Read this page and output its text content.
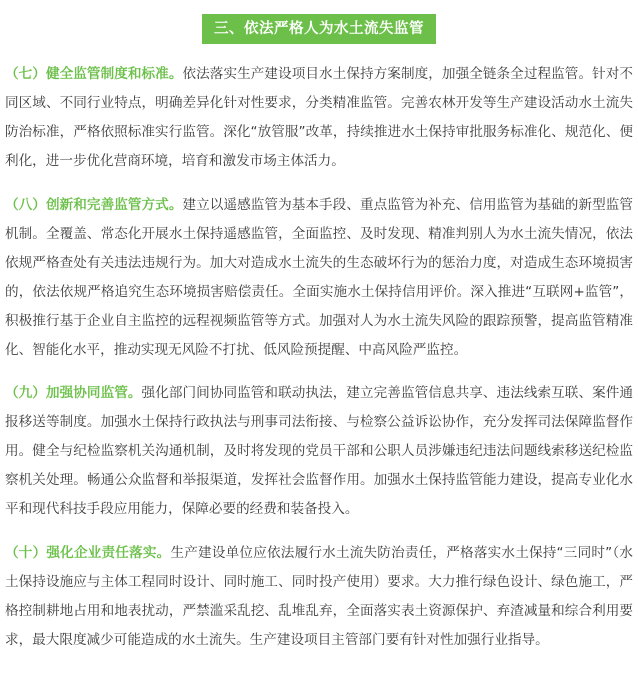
三、依法严格人为水土流失监管

（七）健全监管制度和标准。依法落实生产建设项目水土保持方案制度，加强全链条全过程监管。针对不同区域、不同行业特点，明确差异化针对性要求，分类精准监管。完善农林开发等生产建设活动水土流失防治标准，严格依照标准实行监管。深化“放管服”改革，持续推进水土保持审批服务标准化、规范化、便利化，进一步优化营商环境，培育和激发市场主体活力。

（八）创新和完善监管方式。建立以遥感监管为基本手段、重点监管为补充、信用监管为基础的新型监管机制。全覆盖、常态化开展水土保持遥感监管，全面监控、及时发现、精准判别人为水土流失情况，依法依规严格查处有关违法违规行为。加大对造成水土流失的生态破坏行为的惩治力度，对造成生态环境损害的，依法依规严格追究生态环境损害赔偿责任。全面实施水土保持信用评价。深入推进“互联网+监管”，积极推行基于企业自主监控的远程视频监管等方式。加强对人为水土流失风险的跟踪预警，提高监管精准化、智能化水平，推动实现无风险不打扰、低风险预提醒、中高风险严监控。

（九）加强协同监管。强化部门间协同监管和联动执法，建立完善监管信息共享、违法线索互联、案件通报移送等制度。加强水土保持行政执法与刑事司法衔接、与检察公益诉讼协作，充分发挥司法保障监督作用。健全与纪检监察机关沟通机制，及时将发现的党员干部和公职人员涉嫌违纪违法问题线索移送纪检监察机关处理。畅通公众监督和举报渠道，发挥社会监督作用。加强水土保持监管能力建设，提高专业化水平和现代科技手段应用能力，保障必要的经费和装备投入。

（十）强化企业责任落实。生产建设单位应依法履行水土流失防治责任，严格落实水土保持“三同时”（水土保持设施应与主体工程同时设计、同时施工、同时投产使用）要求。大力推行绿色设计、绿色施工，严格控制耕地占用和地表扰动，严禁滥采乱挖、乱堆乱弃，全面落实表土资源保护、弃渣减量和综合利用要求，最大限度减少可能造成的水土流失。生产建设项目主管部门要有针对性加强行业指导。
